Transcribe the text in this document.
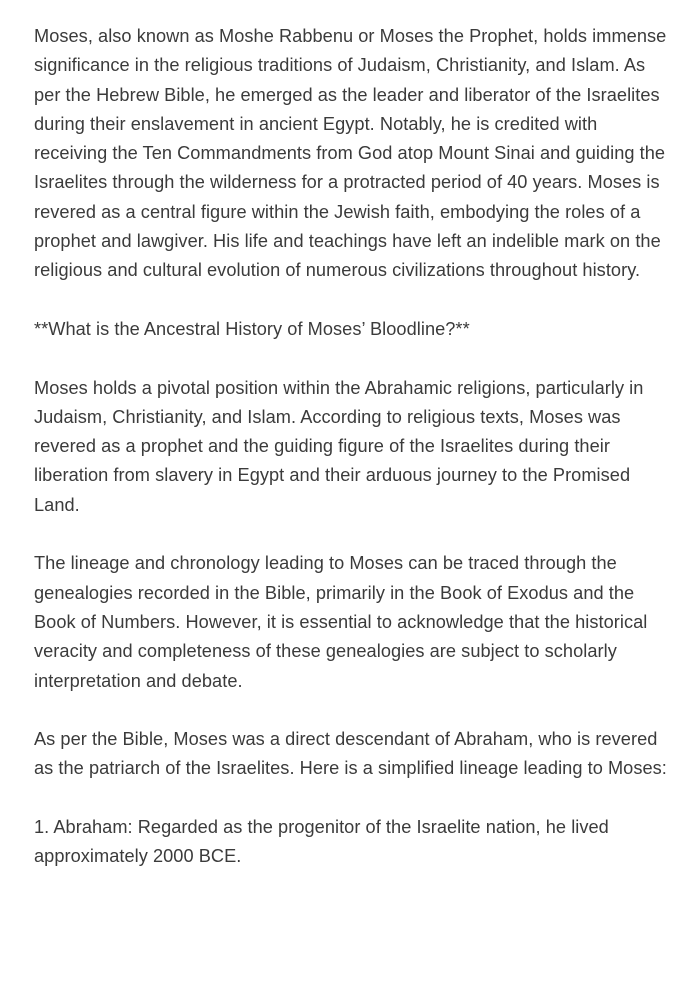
Moses, also known as Moshe Rabbenu or Moses the Prophet, holds immense significance in the religious traditions of Judaism, Christianity, and Islam. As per the Hebrew Bible, he emerged as the leader and liberator of the Israelites during their enslavement in ancient Egypt. Notably, he is credited with receiving the Ten Commandments from God atop Mount Sinai and guiding the Israelites through the wilderness for a protracted period of 40 years. Moses is revered as a central figure within the Jewish faith, embodying the roles of a prophet and lawgiver. His life and teachings have left an indelible mark on the religious and cultural evolution of numerous civilizations throughout history.

**What is the Ancestral History of Moses’ Bloodline?**

Moses holds a pivotal position within the Abrahamic religions, particularly in Judaism, Christianity, and Islam. According to religious texts, Moses was revered as a prophet and the guiding figure of the Israelites during their liberation from slavery in Egypt and their arduous journey to the Promised Land.

The lineage and chronology leading to Moses can be traced through the genealogies recorded in the Bible, primarily in the Book of Exodus and the Book of Numbers. However, it is essential to acknowledge that the historical veracity and completeness of these genealogies are subject to scholarly interpretation and debate.

As per the Bible, Moses was a direct descendant of Abraham, who is revered as the patriarch of the Israelites. Here is a simplified lineage leading to Moses:

1. Abraham: Regarded as the progenitor of the Israelite nation, he lived approximately 2000 BCE.
